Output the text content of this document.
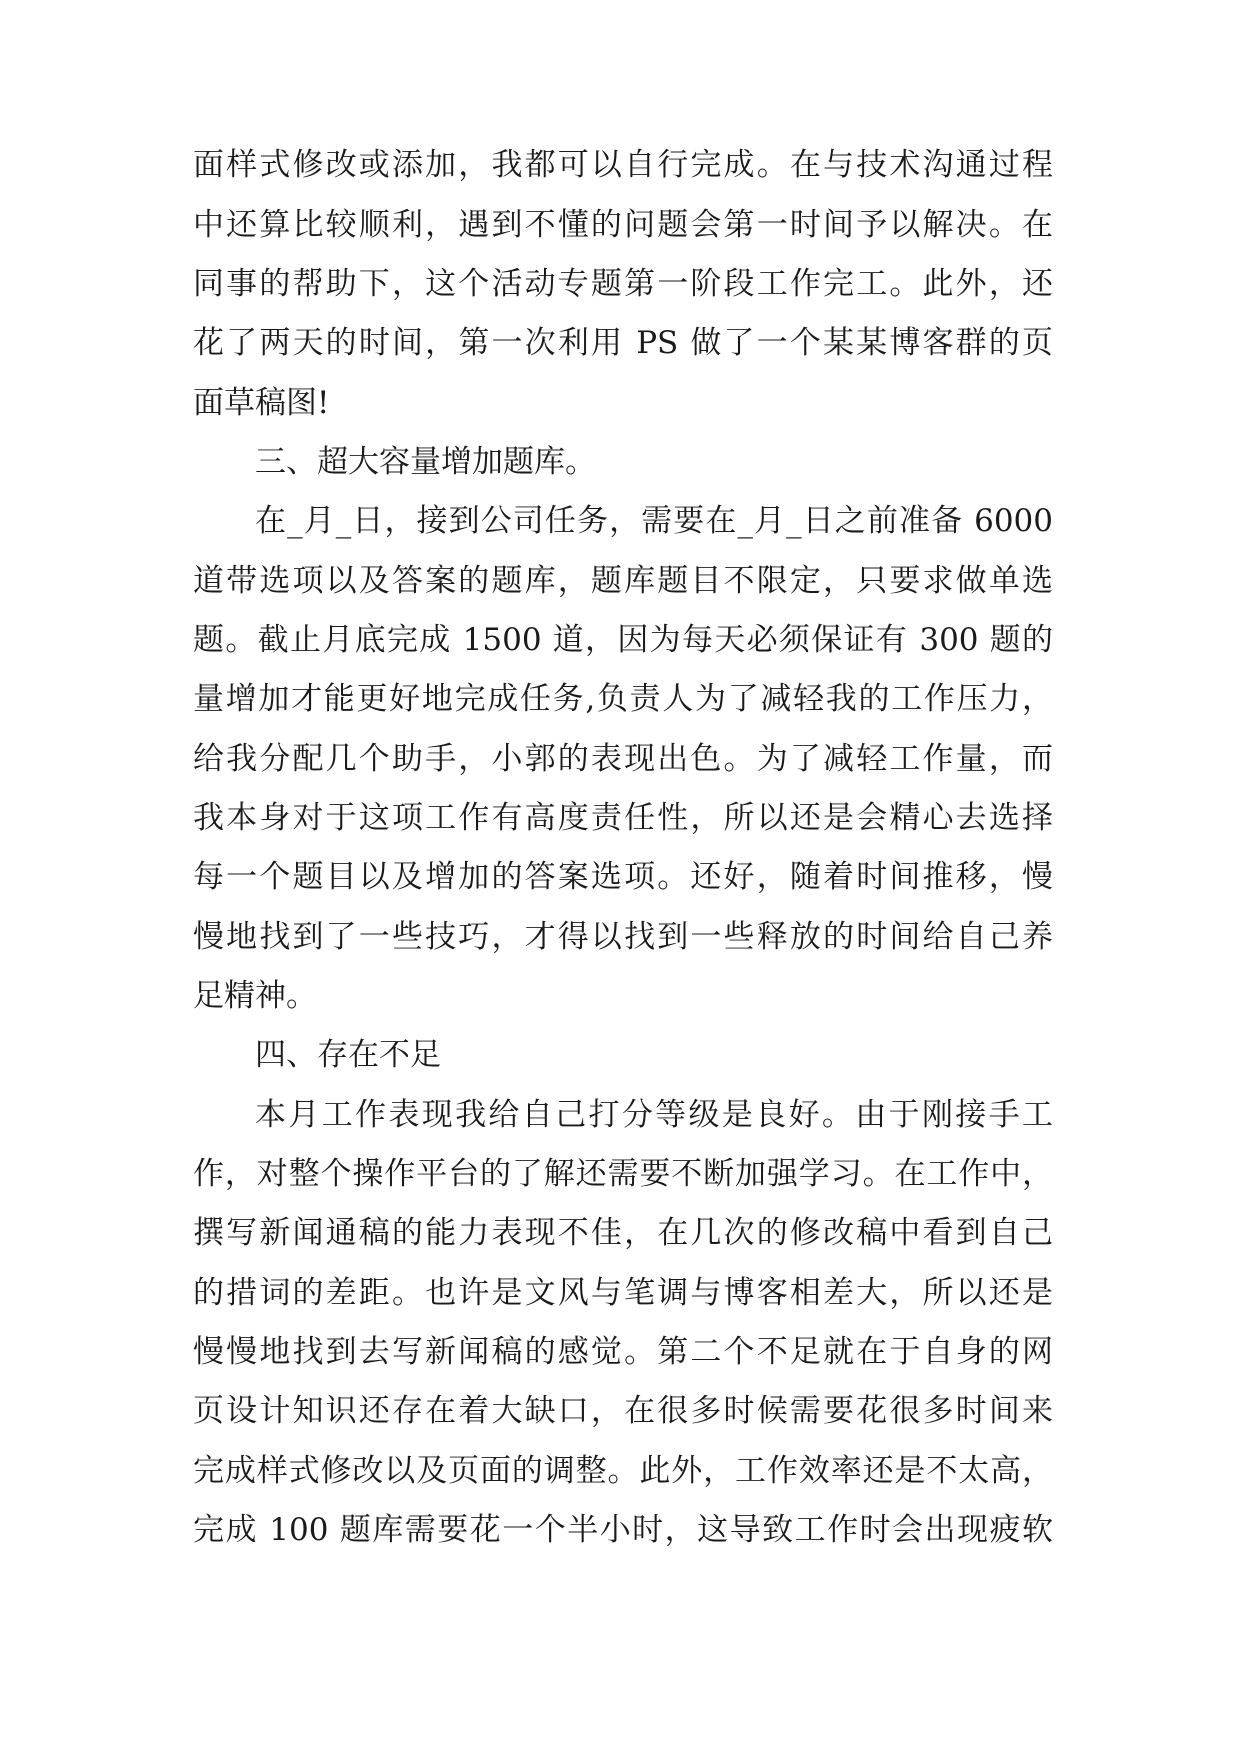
面样式修改或添加，我都可以自行完成。在与技术沟通过程
中还算比较顺利，遇到不懂的问题会第一时间予以解决。在
同事的帮助下，这个活动专题第一阶段工作完工。此外，还
花了两天的时间，第一次利用 PS 做了一个某某博客群的页
面草稿图!
三、超大容量增加题库。
在_月_日，接到公司任务，需要在_月_日之前准备 6000
道带选项以及答案的题库，题库题目不限定，只要求做单选
题。截止月底完成 1500 道，因为每天必须保证有 300 题的
量增加才能更好地完成任务,负责人为了减轻我的工作压力，
给我分配几个助手，小郭的表现出色。为了减轻工作量，而
我本身对于这项工作有高度责任性，所以还是会精心去选择
每一个题目以及增加的答案选项。还好，随着时间推移，慢
慢地找到了一些技巧，才得以找到一些释放的时间给自己养
足精神。
四、存在不足
本月工作表现我给自己打分等级是良好。由于刚接手工
作，对整个操作平台的了解还需要不断加强学习。在工作中，
撰写新闻通稿的能力表现不佳，在几次的修改稿中看到自己
的措词的差距。也许是文风与笔调与博客相差大，所以还是
慢慢地找到去写新闻稿的感觉。第二个不足就在于自身的网
页设计知识还存在着大缺口，在很多时候需要花很多时间来
完成样式修改以及页面的调整。此外，工作效率还是不太高，
完成 100 题库需要花一个半小时，这导致工作时会出现疲软
